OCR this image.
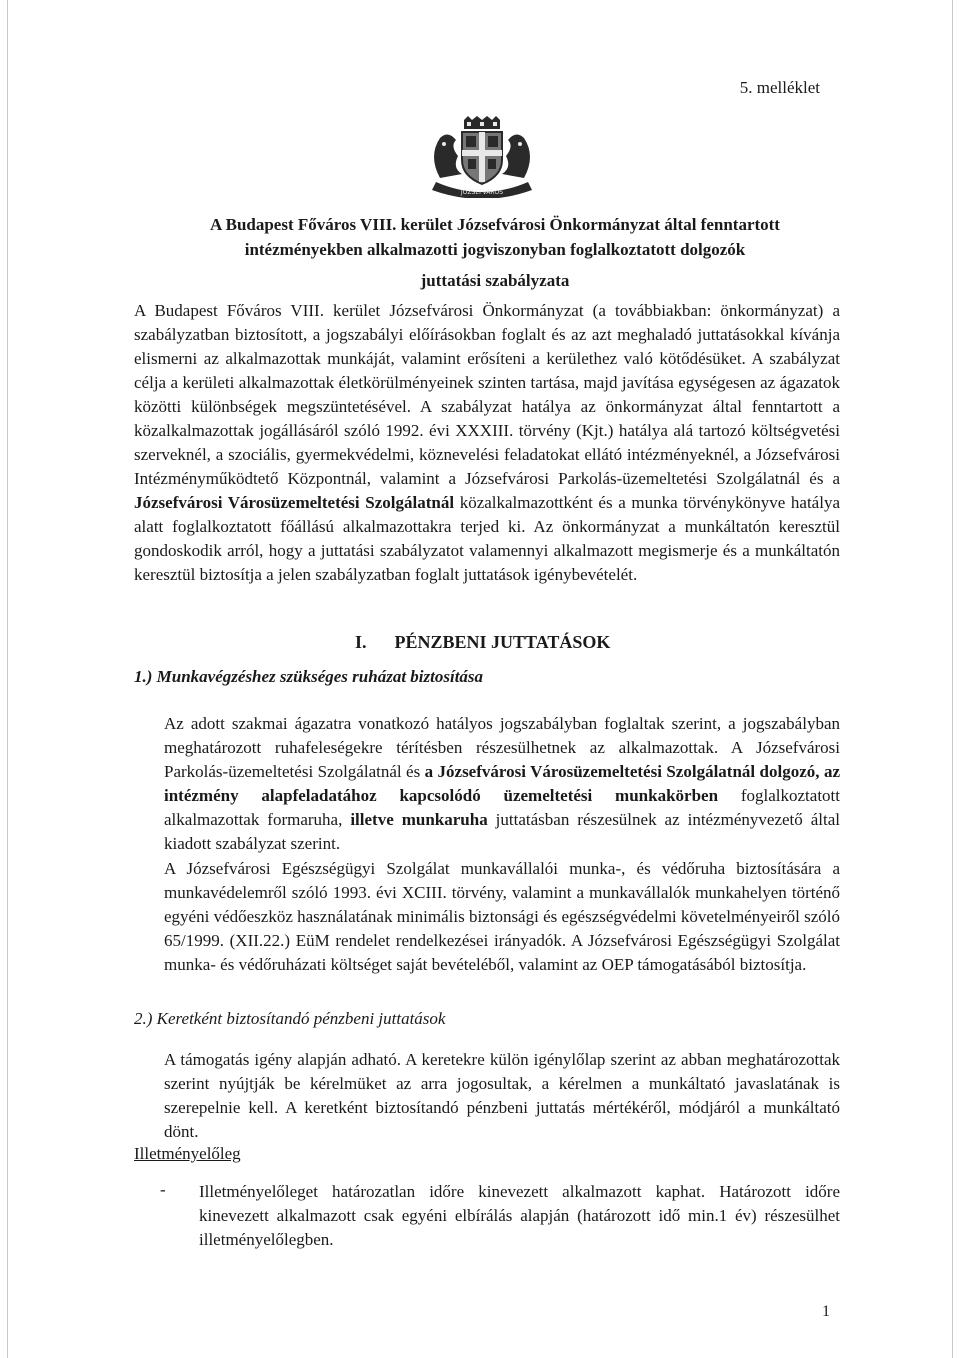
5. melléklet
JÓZSEFVÁROS
A Budapest Főváros VIII. kerület Józsefvárosi Önkormányzat által fenntartott
intézményekben alkalmazotti jogviszonyban foglalkoztatott dolgozók
juttatási szabályzata
A Budapest Főváros VIII. kerület Józsefvárosi Önkormányzat (a továbbiakban: önkormányzat) a szabályzatban biztosított, a jogszabályi előírásokban foglalt és az azt meghaladó juttatásokkal kívánja elismerni az alkalmazottak munkáját, valamint erősíteni a kerülethez való kötődésüket. A szabályzat célja a kerületi alkalmazottak életkörülményeinek szinten tartása, majd javítása egységesen az ágazatok közötti különbségek megszüntetésével. A szabályzat hatálya az önkormányzat által fenntartott a közalkalmazottak jogállásáról szóló 1992. évi XXXIII. törvény (Kjt.) hatálya alá tartozó költségvetési szerveknél, a szociális, gyermekvédelmi, köznevelési feladatokat ellátó intézményeknél, a Józsefvárosi Intézményműködtető Központnál, valamint a Józsefvárosi Parkolás-üzemeltetési Szolgálatnál és a Józsefvárosi Városüzemeltetési Szolgálatnál közalkalmazottként és a munka törvénykönyve hatálya alatt foglalkoztatott főállású alkalmazottakra terjed ki. Az önkormányzat a munkáltatón keresztül gondoskodik arról, hogy a juttatási szabályzatot valamennyi alkalmazott megismerje és a munkáltatón keresztül biztosítja a jelen szabályzatban foglalt juttatások igénybevételét.
I. PÉNZBENI JUTTATÁSOK
1.) Munkavégzéshez szükséges ruházat biztosítása
Az adott szakmai ágazatra vonatkozó hatályos jogszabályban foglaltak szerint, a jogszabályban meghatározott ruhafeleségekre térítésben részesülhetnek az alkalmazottak. A Józsefvárosi Parkolás-üzemeltetési Szolgálatnál és a Józsefvárosi Városüzemeltetési Szolgálatnál dolgozó, az intézmény alapfeladatához kapcsolódó üzemeltetési munkakörben foglalkoztatott alkalmazottak formaruha, illetve munkaruha juttatásban részesülnek az intézményvezető által kiadott szabályzat szerint.
A Józsefvárosi Egészségügyi Szolgálat munkavállalói munka-, és védőruha biztosítására a munkavédelemről szóló 1993. évi XCIII. törvény, valamint a munkavállalók munkahelyen történő egyéni védőeszköz használatának minimális biztonsági és egészségvédelmi követelményeiről szóló 65/1999. (XII.22.) EüM rendelet rendelkezései irányadók. A Józsefvárosi Egészségügyi Szolgálat munka- és védőruházati költséget saját bevételéből, valamint az OEP támogatásából biztosítja.
2.) Keretként biztosítandó pénzbeni juttatások
A támogatás igény alapján adható. A keretekre külön igénylőlap szerint az abban meghatározottak szerint nyújtják be kérelmüket az arra jogosultak, a kérelmen a munkáltató javaslatának is szerepelnie kell. A keretként biztosítandó pénzbeni juttatás mértékéről, módjáról a munkáltató dönt.
Illetményelőleg
- Illetményelőleget határozatlan időre kinevezett alkalmazott kaphat. Határozott időre kinevezett alkalmazott csak egyéni elbírálás alapján (határozott idő min.1 év) részesülhet illetményelőlegben.
1
